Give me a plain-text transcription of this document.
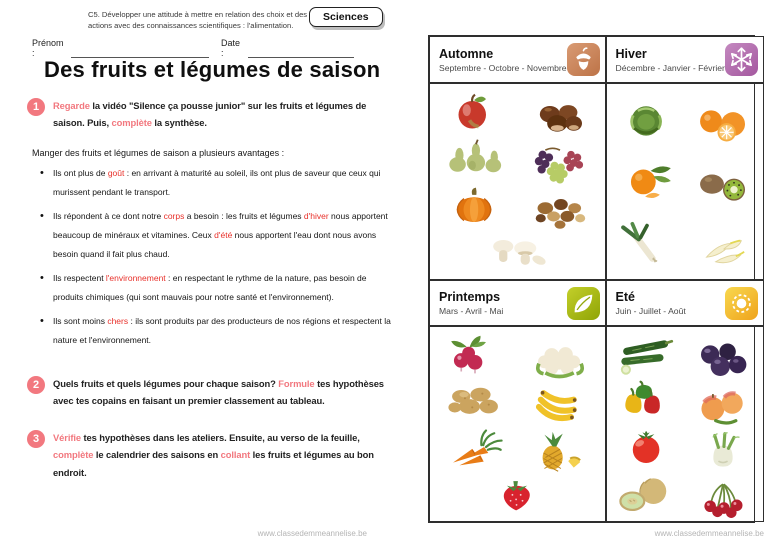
C5. Développer une attitude à mettre en relation des choix et des actions avec des connaissances scientifiques : l'alimentation.
Sciences
Prénom :
Date :
Des fruits et légumes de saison
1	Regarde la vidéo "Silence ça pousse junior" sur les fruits et légumes de saison. Puis, complète la synthèse.
Manger des fruits et légumes de saison a plusieurs avantages :
• Ils ont plus de goût : en arrivant à maturité au soleil, ils ont plus de saveur que ceux qui murissent pendant le transport.
• Ils répondent à ce dont notre corps a besoin : les fruits et légumes d'hiver nous apportent beaucoup de minéraux et vitamines. Ceux d'été nous apportent l'eau dont nous avons besoin quand il fait plus chaud.
• Ils respectent l'environnement : en respectant le rythme de la nature, pas besoin de produits chimiques (qui sont mauvais pour notre santé et l'environnement).
• Ils sont moins chers : ils sont produits par des producteurs de nos régions et respectent la nature et l'environnement.
2	Quels fruits et quels légumes pour chaque saison? Formule tes hypothèses avec tes copains en faisant un premier classement au tableau.
3	Vérifie tes hypothèses dans les ateliers. Ensuite, au verso de la feuille, complète le calendrier des saisons en collant les fruits et légumes au bon endroit.
Automne
Septembre - Octobre - Novembre
Hiver
Décembre - Janvier - Février
Printemps
Mars - Avril - Mai
Eté
Juin - Juillet - Août
www.classedemmeannelise.be	www.classedemmeannelise.be
